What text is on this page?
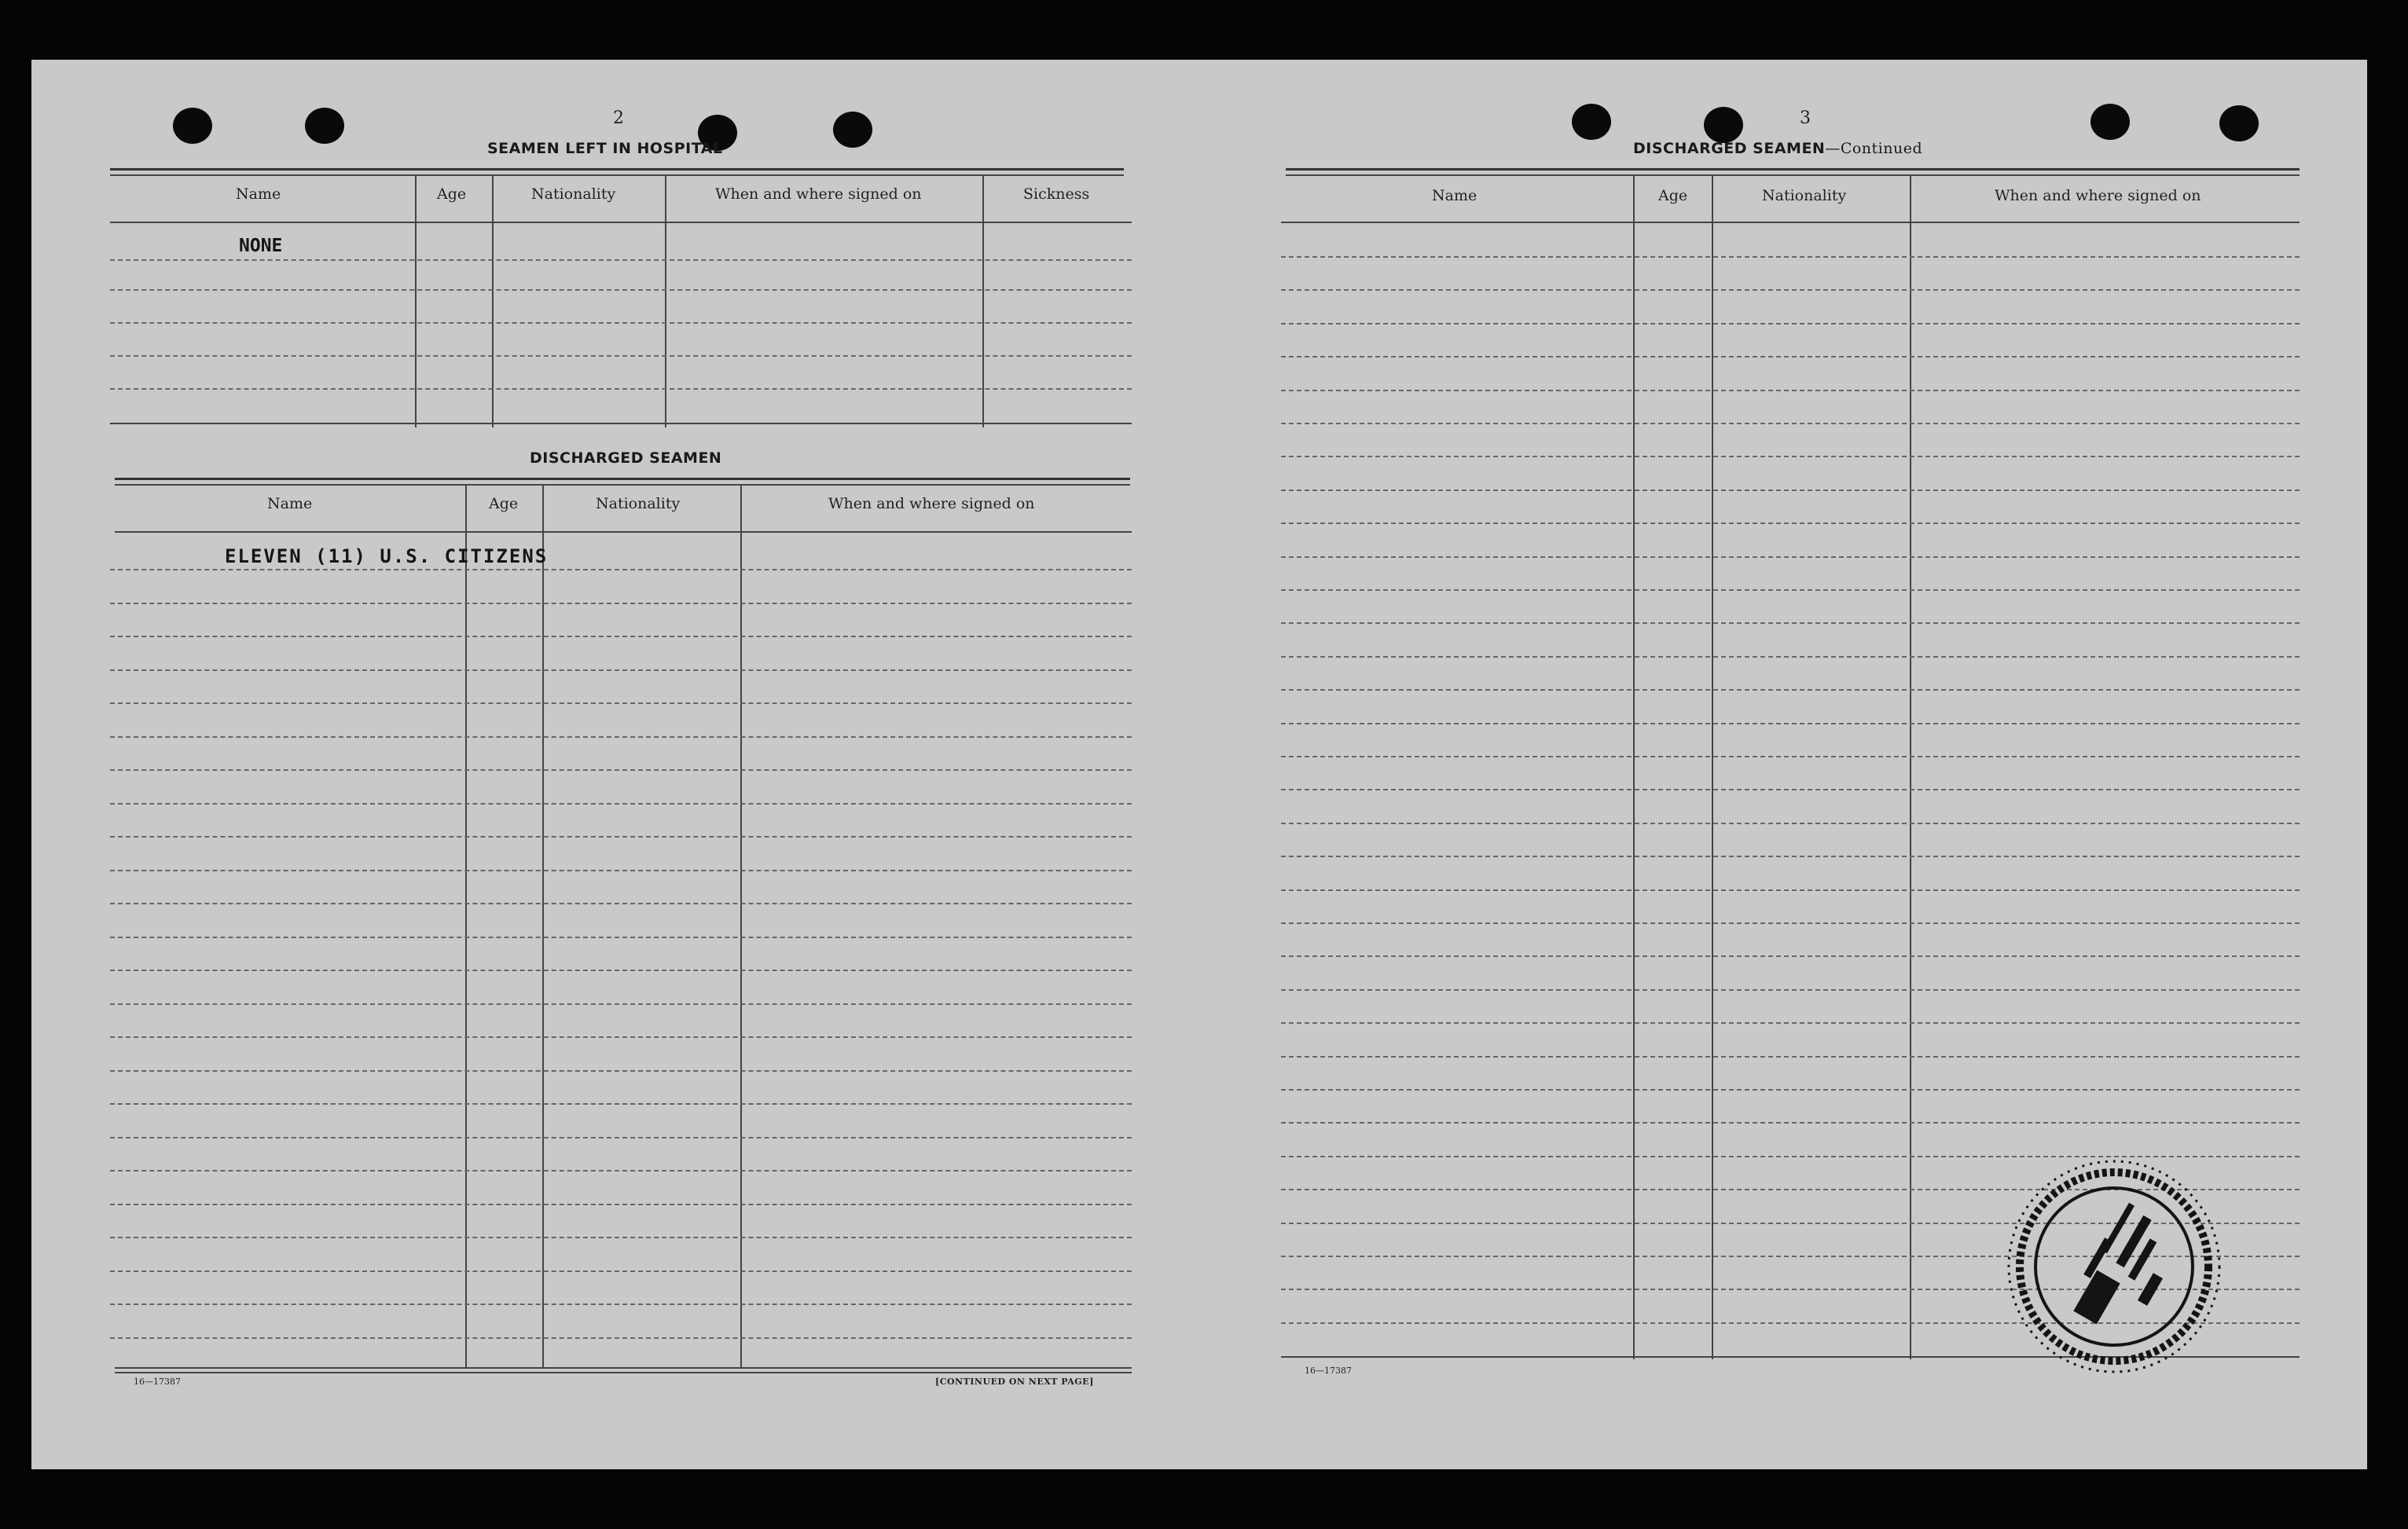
2
SEAMEN LEFT IN HOSPITAL
Name	Age	Nationality	When and where signed on	Sickness
NONE
DISCHARGED SEAMEN
Name	Age	Nationality	When and where signed on
ELEVEN (11) U.S. CITIZENS
16—17387	[CONTINUED ON NEXT PAGE]
3
DISCHARGED SEAMEN—Continued
Name	Age	Nationality	When and where signed on
16—17387
